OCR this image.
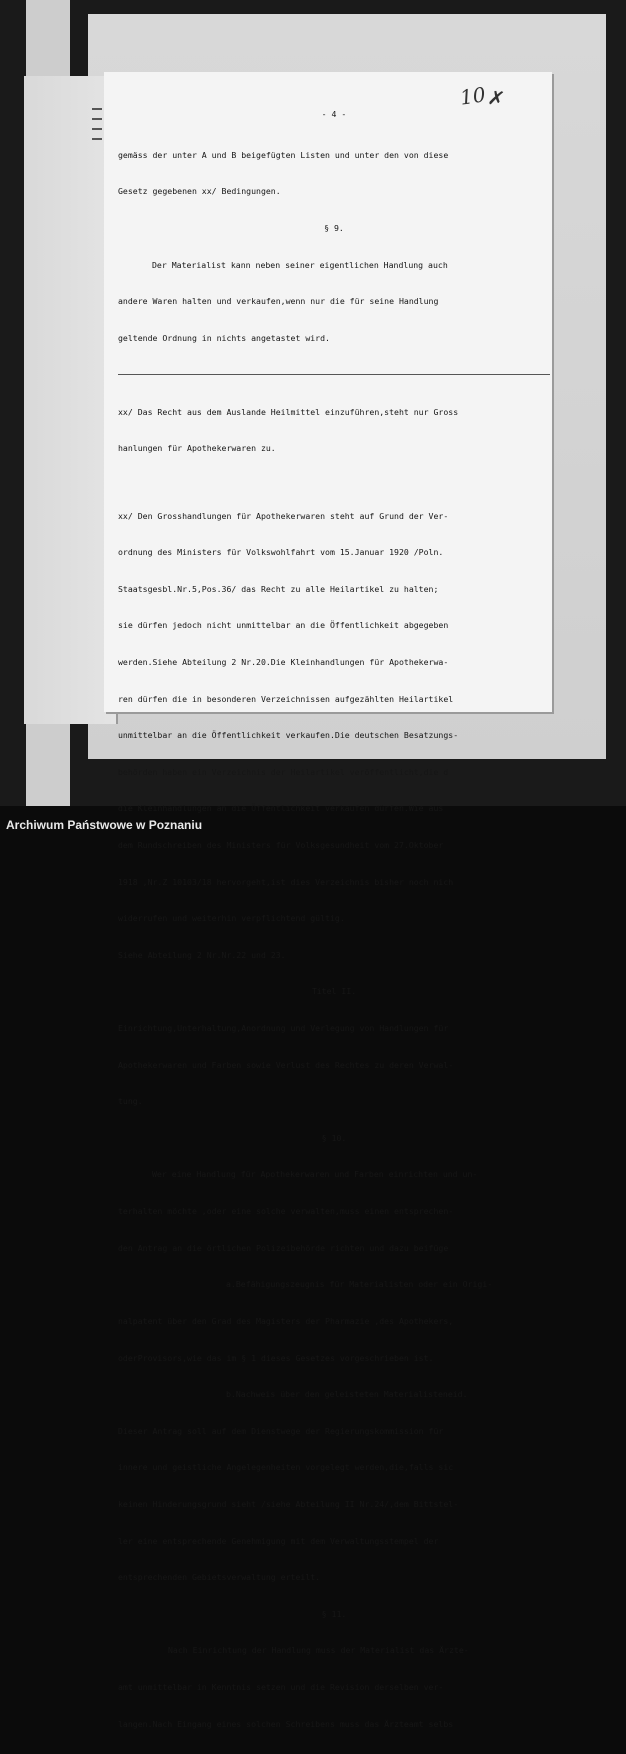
10 ✗

- 4 -

gemäss der unter A und B beigefügten Listen und unter den von diese

Gesetz gegebenen xx/ Bedingungen.

§ 9.

Der Materialist kann neben seiner eigentlichen Handlung auch

andere Waren halten und verkaufen,wenn nur die für seine Handlung

geltende Ordnung in nichts angetastet wird.

xx/ Das Recht aus dem Auslande Heilmittel einzuführen,steht nur Gross

hanlungen für Apothekerwaren zu.

xx/ Den Grosshandlungen für Apothekerwaren steht auf Grund der Ver-

ordnung des Ministers für Volkswohlfahrt vom 15.Januar 1920 /Poln.

Staatsgesbl.Nr.5,Pos.36/ das Recht zu alle Heilartikel zu halten;

sie dürfen jedoch nicht unmittelbar an die Öffentlichkeit abgegeben

werden.Siehe Abteilung 2 Nr.20.Die Kleinhandlungen für Apothekerwa-

ren dürfen die in besonderen Verzeichnissen aufgezählten Heilartikel

unmittelbar an die Öffentlichkeit verkaufen.Die deutschen Besatzungs-

behörden haben ein Verzeichnis der Heilartikel veröffentlicht,die d

die Kleinhandlungen an die Öffentlichkeit verkaufen dürfen.Wie aus

dem Rundschreiben des Ministers für Volksgesundheit vom 27.Oktober

1918 ,Nr.Z 10103/18 hervorgeht,ist dies Verzeichnis bisher noch nich

widerrufen und weiterhin verpflichtend gültig.

Siehe Abteilung 2 Nr.Nr.22 und 23.

Titel II.

Einrichtung,Unterhaltung,Anordnung und Verlegung von Handlungen für

Apothekerwaren und Farben sowie Verlust des Rechtes zu deren Verwal-

tung.

§ 10.

Wer eine Handlung für Apothekerwaren und Farben einrichten und un-

terhalten möchte ,oder eine solche verwalten,muss einen entsprechen-

den Antrag an die örtlichen Polizeibehörde richten und dazu beifüge

a.Befähigungszeugnis für Materialisten oder ein Origi-

nalpatent über den Grad des Magisters der Pharmazie ,des Apothekers,

oderProvisors,wie das im § 1 dieses Gesetzes vorgeschrieben ist.

b.Nachweis über den geleisteten Materialisteneid.

Dieser Antrag soll auf dem Dienstwege der Regierungskommission für

innere und geistliche Angelegenheiten vorgelegt werden,die,falls sic

keinen Hinderungsgrund sieht /siehe Abteilung II Nr.24/,dem Bittstel-

ler eine entsprechende Genehmigung mit dem Verwaltungsstempel der

entsprechenden Gebietsverwaltung erteilt.

§ 11.

Nach Einrichtung der Handlung muss der Materialist das Ärzte-

amt unmittelbar in Kenntnis setzen und die Revision derselben ver-

langen.Nach Eingang eines solchen Schreibens muss das Ärzteamt selbs

Archiwum Państwowe w Poznaniu
